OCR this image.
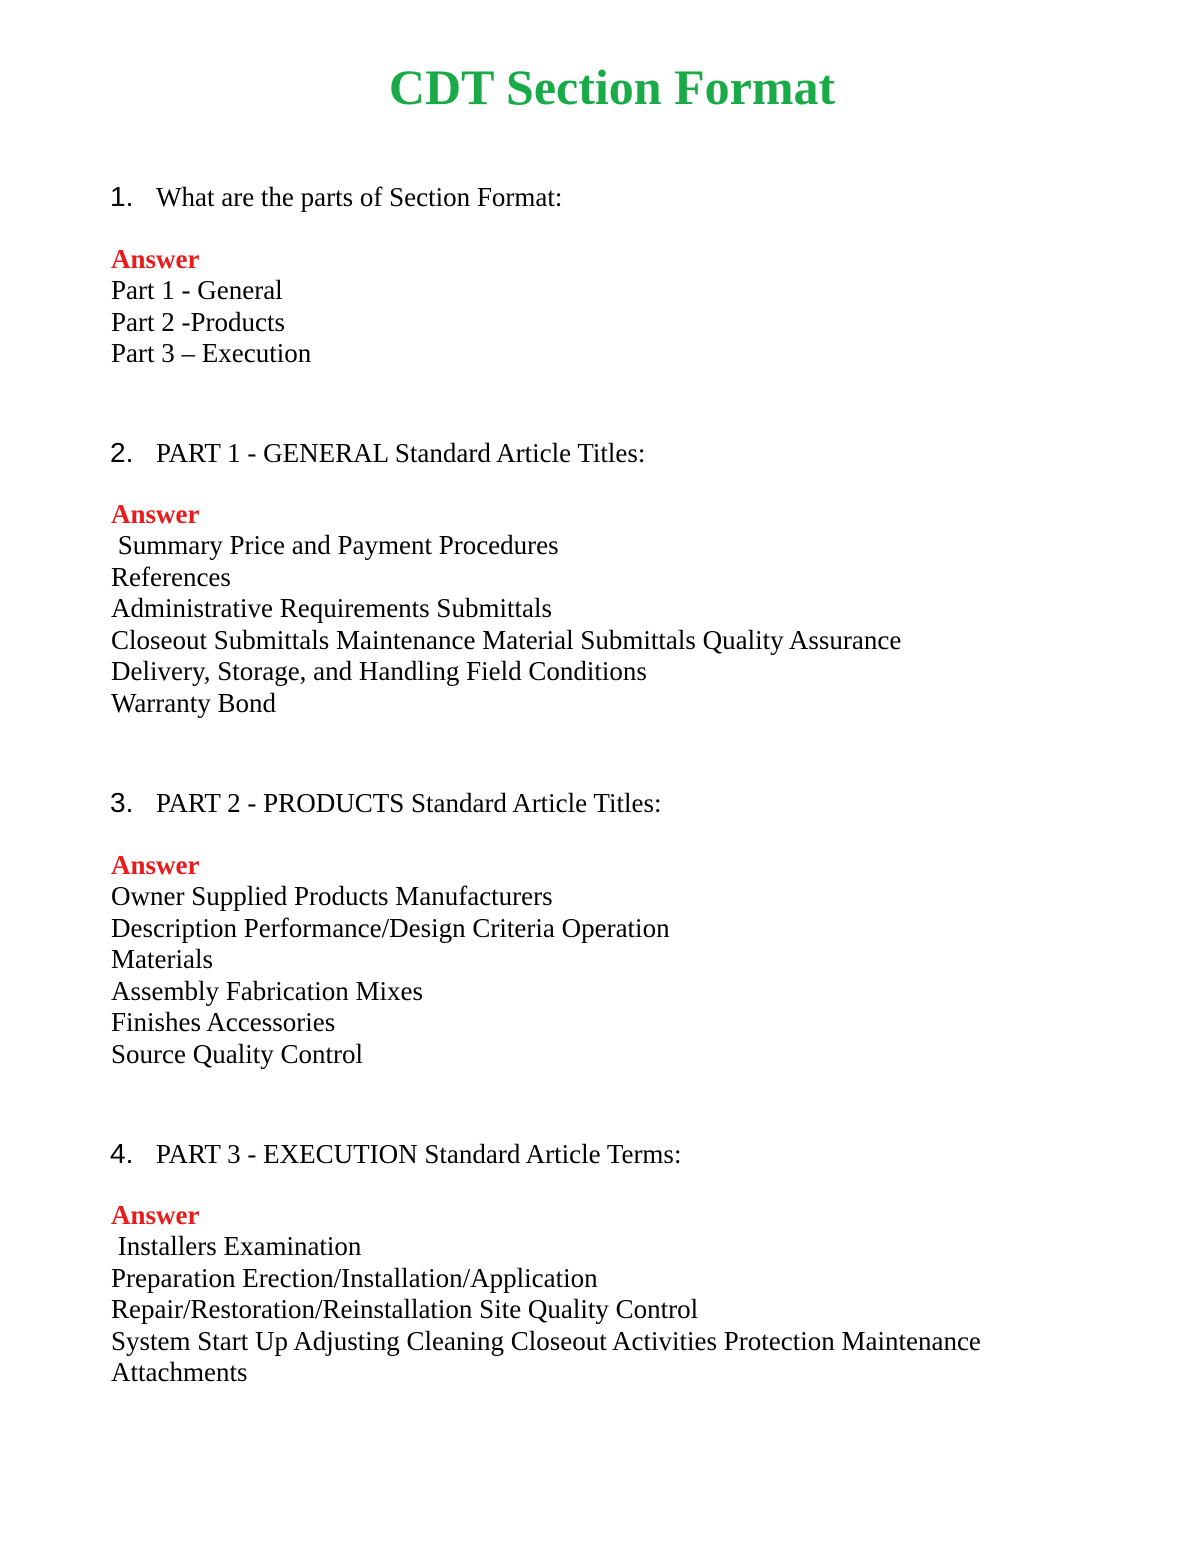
CDT Section Format

1. What are the parts of Section Format:

Answer

Part 1 - General
Part 2 -Products
Part 3 – Execution

2. PART 1 - GENERAL Standard Article Titles:

Answer

Summary Price and Payment Procedures
References
Administrative Requirements Submittals
Closeout Submittals Maintenance Material Submittals Quality Assurance
Delivery, Storage, and Handling Field Conditions
Warranty Bond

3. PART 2 - PRODUCTS Standard Article Titles:

Answer

Owner Supplied Products Manufacturers
Description Performance/Design Criteria Operation
Materials
Assembly Fabrication Mixes
Finishes Accessories
Source Quality Control

4. PART 3 - EXECUTION Standard Article Terms:

Answer

Installers Examination
Preparation Erection/Installation/Application
Repair/Restoration/Reinstallation Site Quality Control
System Start Up Adjusting Cleaning Closeout Activities Protection Maintenance
Attachments
